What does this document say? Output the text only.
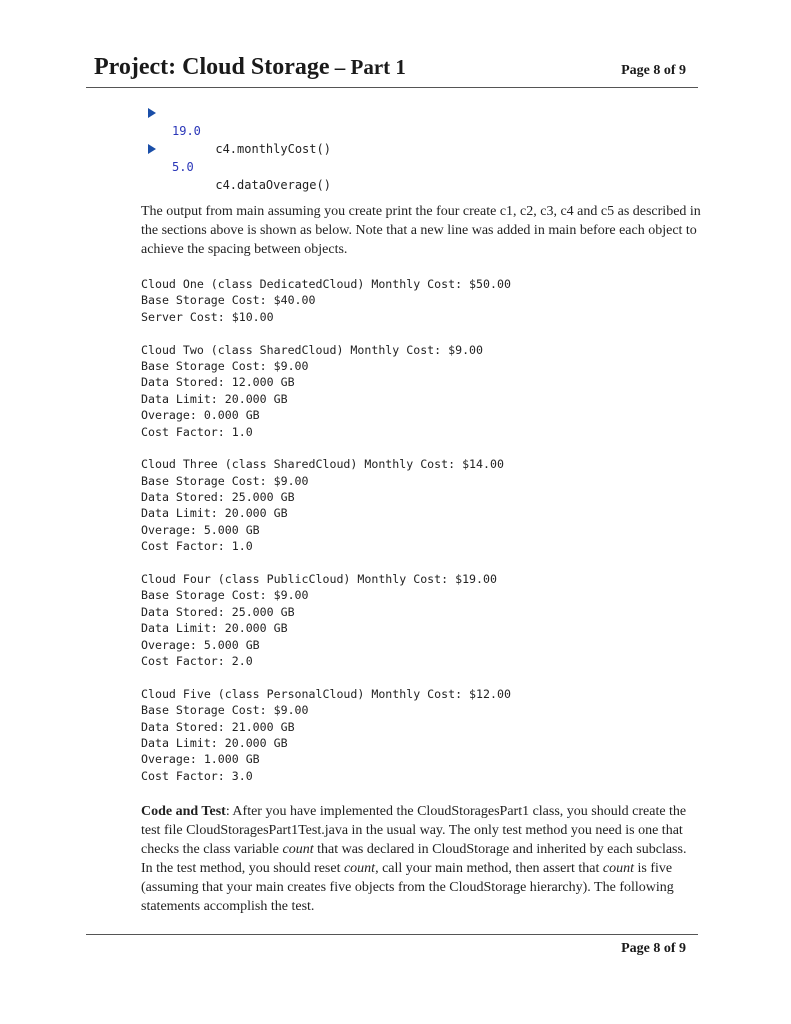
Project: Cloud Storage – Part 1	Page 8 of 9

c4.monthlyCost()

19.0

c4.dataOverage()

5.0
The output from main assuming you create print the four create c1, c2, c3, c4 and c5 as described in the sections above is shown as below. Note that a new line was added in main before each object to achieve the spacing between objects.
Cloud One (class DedicatedCloud) Monthly Cost: $50.00
Base Storage Cost: $40.00
Server Cost: $10.00
Cloud Two (class SharedCloud) Monthly Cost: $9.00
Base Storage Cost: $9.00
Data Stored: 12.000 GB
Data Limit: 20.000 GB
Overage: 0.000 GB
Cost Factor: 1.0
Cloud Three (class SharedCloud) Monthly Cost: $14.00
Base Storage Cost: $9.00
Data Stored: 25.000 GB
Data Limit: 20.000 GB
Overage: 5.000 GB
Cost Factor: 1.0
Cloud Four (class PublicCloud) Monthly Cost: $19.00
Base Storage Cost: $9.00
Data Stored: 25.000 GB
Data Limit: 20.000 GB
Overage: 5.000 GB
Cost Factor: 2.0
Cloud Five (class PersonalCloud) Monthly Cost: $12.00
Base Storage Cost: $9.00
Data Stored: 21.000 GB
Data Limit: 20.000 GB
Overage: 1.000 GB
Cost Factor: 3.0
Code and Test: After you have implemented the CloudStoragesPart1 class, you should create the test file CloudStoragesPart1Test.java in the usual way. The only test method you need is one that checks the class variable count that was declared in CloudStorage and inherited by each subclass. In the test method, you should reset count, call your main method, then assert that count is five (assuming that your main creates five objects from the CloudStorage hierarchy). The following statements accomplish the test.
Page 8 of 9
